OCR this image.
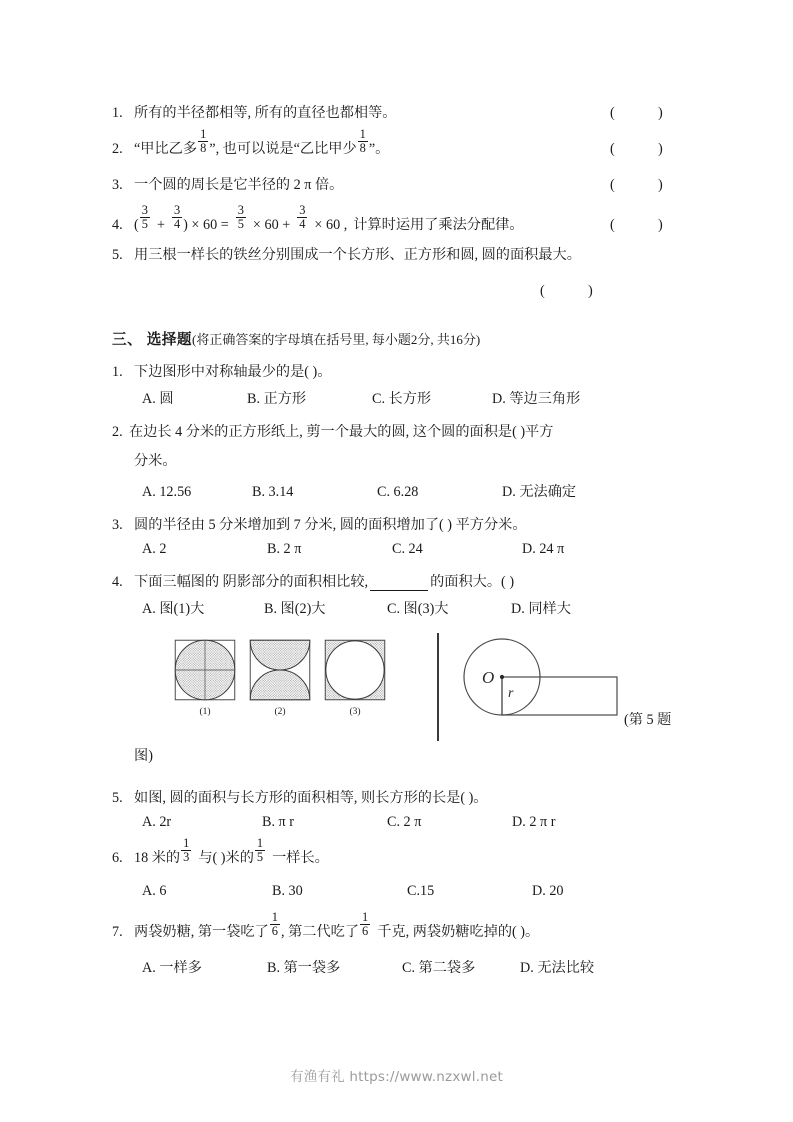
1. 所有的半径都相等, 所有的直径也都相等。	(	)
2. “甲比乙多 $\frac{1}{8}$ ”, 也可以说是“乙比甲少 $\frac{1}{8}$ ”。	(	)
3. 一个圆的周长是它半径的 2 π 倍。	(	)
4. ( $\frac{3}{5} + \frac{3}{4}$ ) × $60 = \frac{3}{5} \times 60 + \frac{3}{4} \times 60$ , 计算时运用了乘法分配律。	(	)
5. 用三根一样长的铁丝分别围成一个长方形、正方形和圆, 圆的面积最大。
(	)
三、 选择题(将正确答案的字母填在括号里, 每小题2分, 共16分)
1. 下边图形中对称轴最少的是( )。
A. 圆	B. 正方形	C. 长方形	D. 等边三角形
2. 在边长 4 分米的正方形纸上, 剪一个最大的圆, 这个圆的面积是( )平方
分米。
A. 12.56	B. 3.14	C. 6.28	D. 无法确定
3. 圆的半径由 5 分米增加到 7 分米, 圆的面积增加了( ) 平方分米。
A. 2	B. 2 π	C. 24	D. 24 π
4. 下面三幅图的 阴影部分的面积相比较,	的面积大。( )
A. 图(1)大	B. 图(2)大	C. 图(3)大	D. 同样大
(1)	(2)	(3)
O
r
(第 5 题
图)
5. 如图, 圆的面积与长方形的面积相等, 则长方形的长是( )。
A. 2r	B. π r	C. 2 π	D. 2 π r
6. 18 米的 $\frac{1}{3}$ 与( )米的 $\frac{1}{5}$ 一样长。
A. 6	B. 30	C.15	D. 20
7. 两袋奶糖, 第一袋吃了 $\frac{1}{6}$ , 第二代吃了 $\frac{1}{6}$ 千克, 两袋奶糖吃掉的( )。
A. 一样多	B. 第一袋多	C. 第二袋多	D. 无法比较
有渔有礼 https://www.nzxwl.net
